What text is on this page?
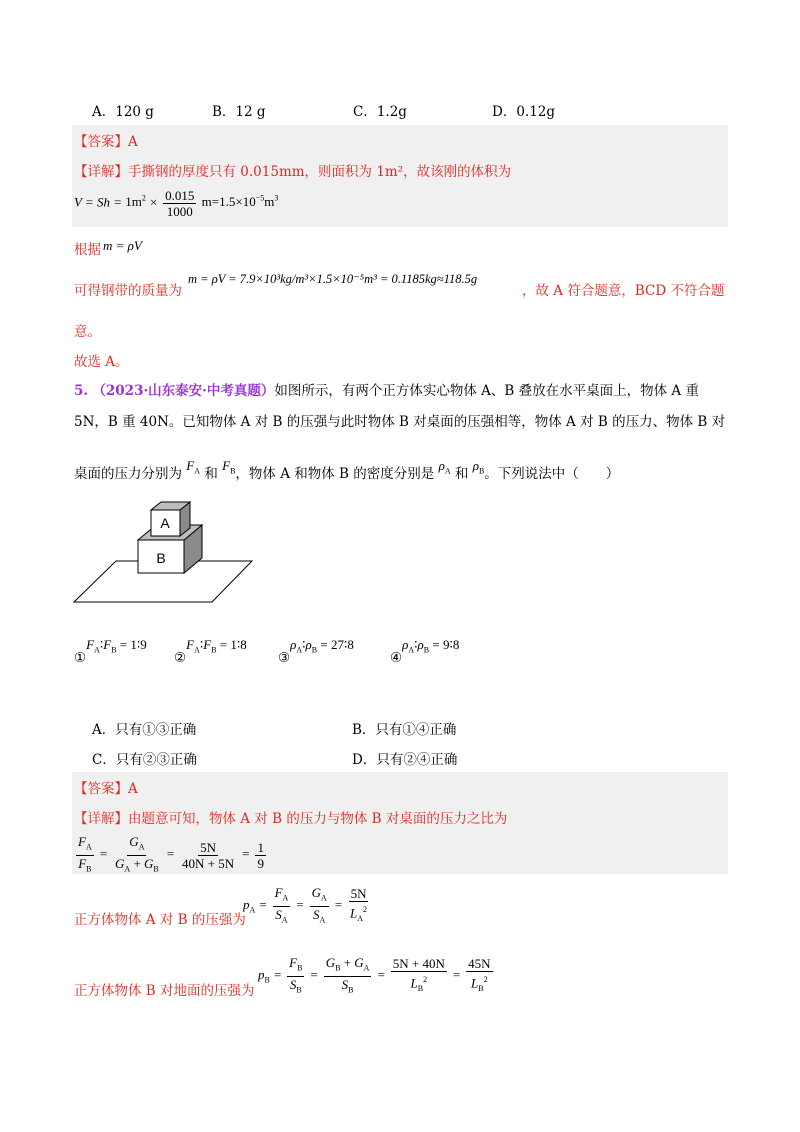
A．120 g	B．12 g	C．1.2g	D．0.12g
【答案】A
【详解】手撕钢的厚度只有 0.015mm，则面积为 1m²，故该刚的体积为
$V = Sh = 1m^2 \times \frac{0.015}{1000} m=1.5\times 10^{-5}m^3$
根据 m = ρV
可得钢带的质量为
m = ρV = 7.9×10³kg/m³×1.5×10⁻⁵m³ = 0.1185kg≈118.5g
，故 A 符合题意，BCD 不符合题
意。
故选 A。
5. （2023·山东泰安·中考真题）如图所示，有两个正方体实心物体 A、B 叠放在水平桌面上，物体 A 重
5N，B 重 40N。已知物体 A 对 B 的压强与此时物体 B 对桌面的压强相等，物体 A 对 B 的压力、物体 B 对
桌面的压力分别为 $F_A$ 和 $F_B$，物体 A 和物体 B 的密度分别是 $\rho_A$ 和 $\rho_B$。下列说法中（　　）
A
B
$①F_A∶F_B$ = 1∶9
$②F_A∶F_B$ = 1∶8
$③\rho_A∶\rho_B$ = 27∶8
$④\rho_A∶\rho_B$ = 9∶8
A．只有①③正确	B．只有①④正确
C．只有②③正确	D．只有②④正确
【答案】A
【详解】由题意可知，物体 A 对 B 的压力与物体 B 对桌面的压力之比为
$\frac{F_A}{F_B} = \frac{G_A}{G_A + G_B} = \frac{5N}{40N + 5N} = \frac{1}{9}$
正方体物体 A 对 B 的压强为
$p_A = \frac{F_A}{S_A} = \frac{G_A}{S_A} = \frac{5N}{L_A^2}$
正方体物体 B 对地面的压强为
$p_B = \frac{F_B}{S_B} = \frac{G_B + G_A}{S_B} = \frac{5N + 40N}{L_B^2} = \frac{45N}{L_B^2}$
